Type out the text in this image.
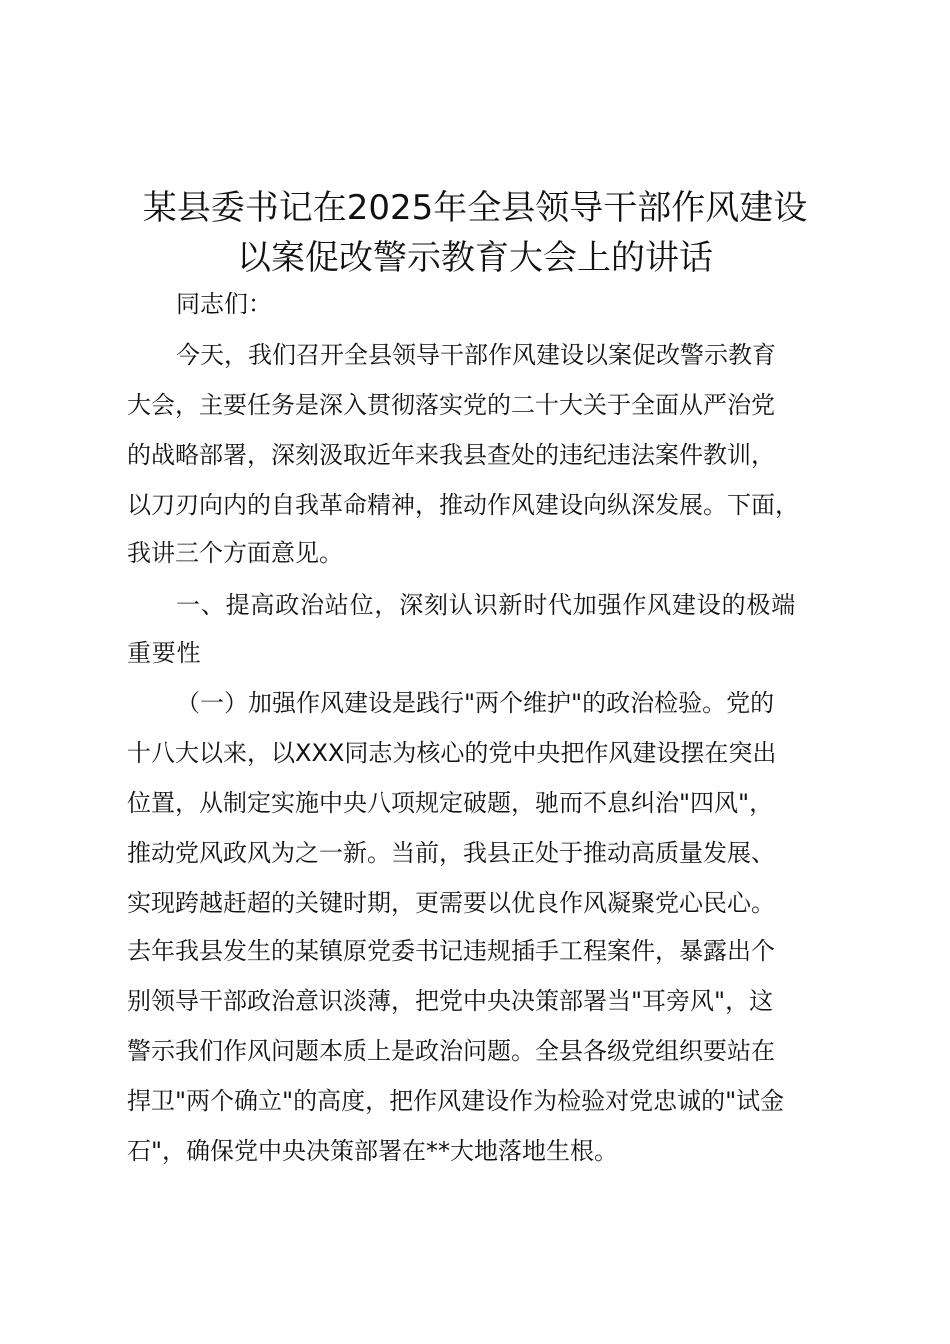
某县委书记在2025年全县领导干部作风建设
以案促改警示教育大会上的讲话

同志们：

今天，我们召开全县领导干部作风建设以案促改警示教育

大会，主要任务是深入贯彻落实党的二十大关于全面从严治党

的战略部署，深刻汲取近年来我县查处的违纪违法案件教训，

以刀刃向内的自我革命精神，推动作风建设向纵深发展。下面，

我讲三个方面意见。

一、提高政治站位，深刻认识新时代加强作风建设的极端

重要性

（一）加强作风建设是践行"两个维护"的政治检验。党的

十八大以来，以XXX同志为核心的党中央把作风建设摆在突出

位置，从制定实施中央八项规定破题，驰而不息纠治"四风"，

推动党风政风为之一新。当前，我县正处于推动高质量发展、

实现跨越赶超的关键时期，更需要以优良作风凝聚党心民心。

去年我县发生的某镇原党委书记违规插手工程案件，暴露出个

别领导干部政治意识淡薄，把党中央决策部署当"耳旁风"，这

警示我们作风问题本质上是政治问题。全县各级党组织要站在

捍卫"两个确立"的高度，把作风建设作为检验对党忠诚的"试金

石"，确保党中央决策部署在**大地落地生根。
